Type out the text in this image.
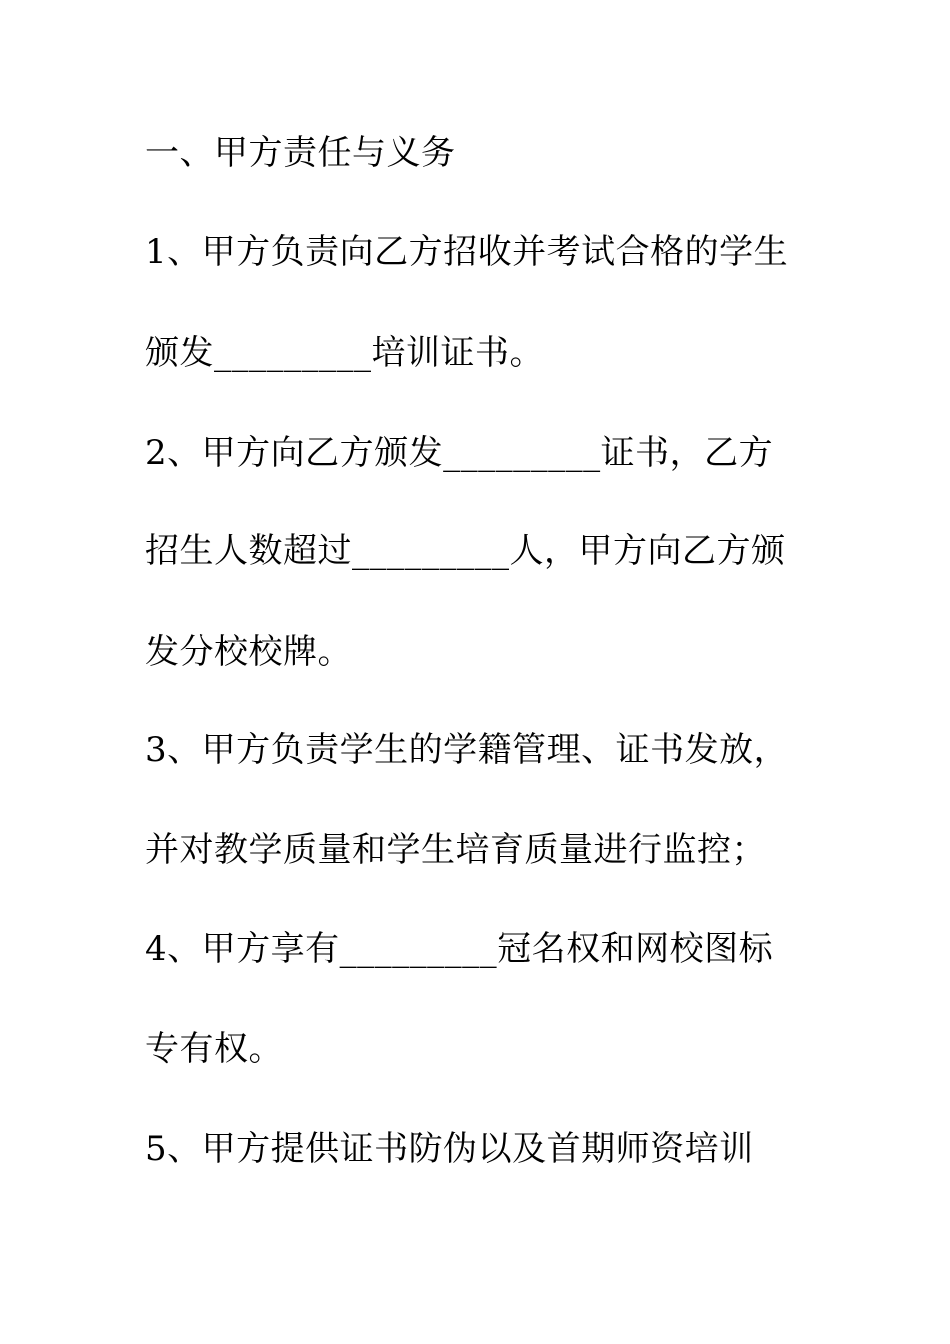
一、甲方责任与义务
1、甲方负责向乙方招收并考试合格的学生
颁发_________培训证书。
2、甲方向乙方颁发_________证书，乙方
招生人数超过_________人，甲方向乙方颁
发分校校牌。
3、甲方负责学生的学籍管理、证书发放，
并对教学质量和学生培育质量进行监控；
4、甲方享有_________冠名权和网校图标
专有权。
5、甲方提供证书防伪以及首期师资培训
